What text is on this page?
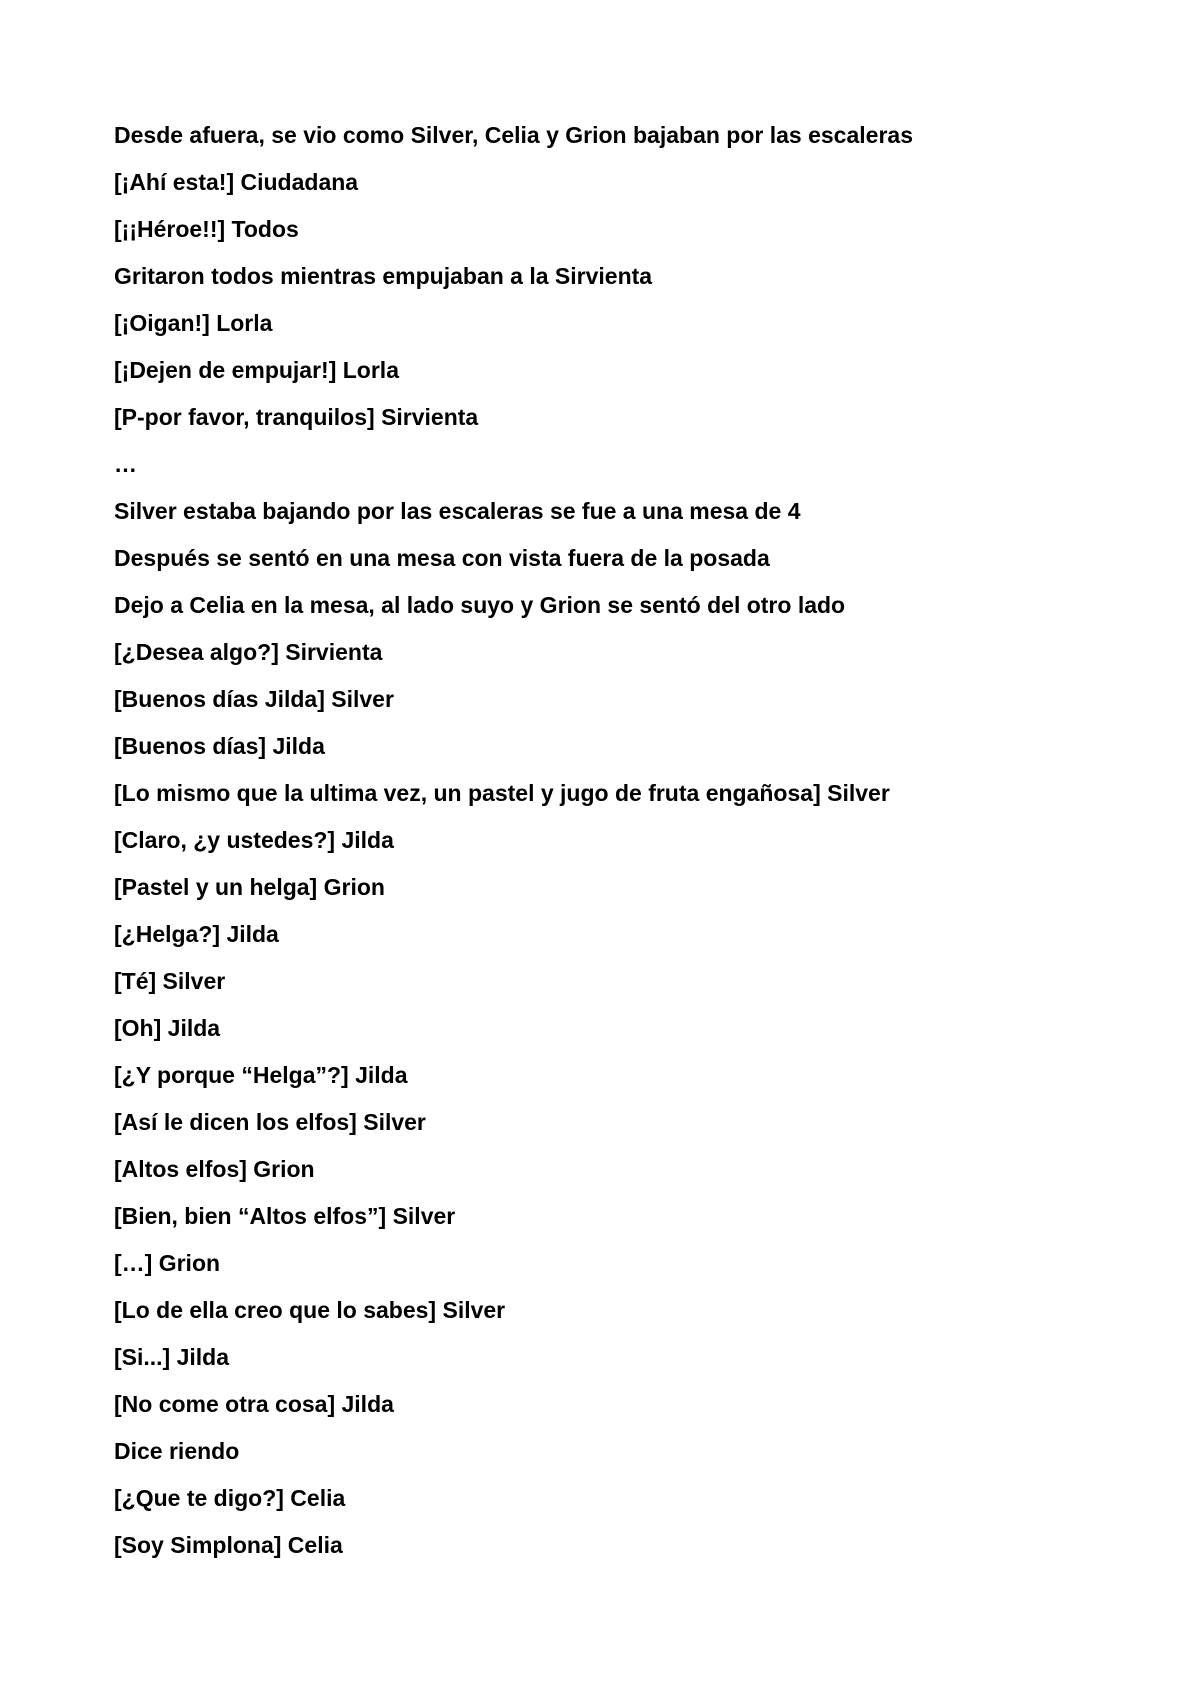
Desde afuera, se vio como Silver, Celia y Grion bajaban por las escaleras

[¡Ahí esta!] Ciudadana

[¡¡Héroe!!] Todos

Gritaron todos mientras empujaban a la Sirvienta

[¡Oigan!] Lorla

[¡Dejen de empujar!] Lorla

[P-por favor, tranquilos] Sirvienta

…

Silver estaba bajando por las escaleras se fue a una mesa de 4

Después se sentó en una mesa con vista fuera de la posada

Dejo a Celia en la mesa, al lado suyo y Grion se sentó del otro lado

[¿Desea algo?] Sirvienta

[Buenos días Jilda] Silver

[Buenos días] Jilda

[Lo mismo que la ultima vez, un pastel y jugo de fruta engañosa] Silver

[Claro, ¿y ustedes?] Jilda

[Pastel y un helga] Grion

[¿Helga?] Jilda

[Té] Silver

[Oh] Jilda

[¿Y porque “Helga”?] Jilda

[Así le dicen los elfos] Silver

[Altos elfos] Grion

[Bien, bien “Altos elfos”] Silver

[…] Grion

[Lo de ella creo que lo sabes] Silver

[Si...] Jilda

[No come otra cosa] Jilda

Dice riendo

[¿Que te digo?] Celia

[Soy Simplona] Celia
